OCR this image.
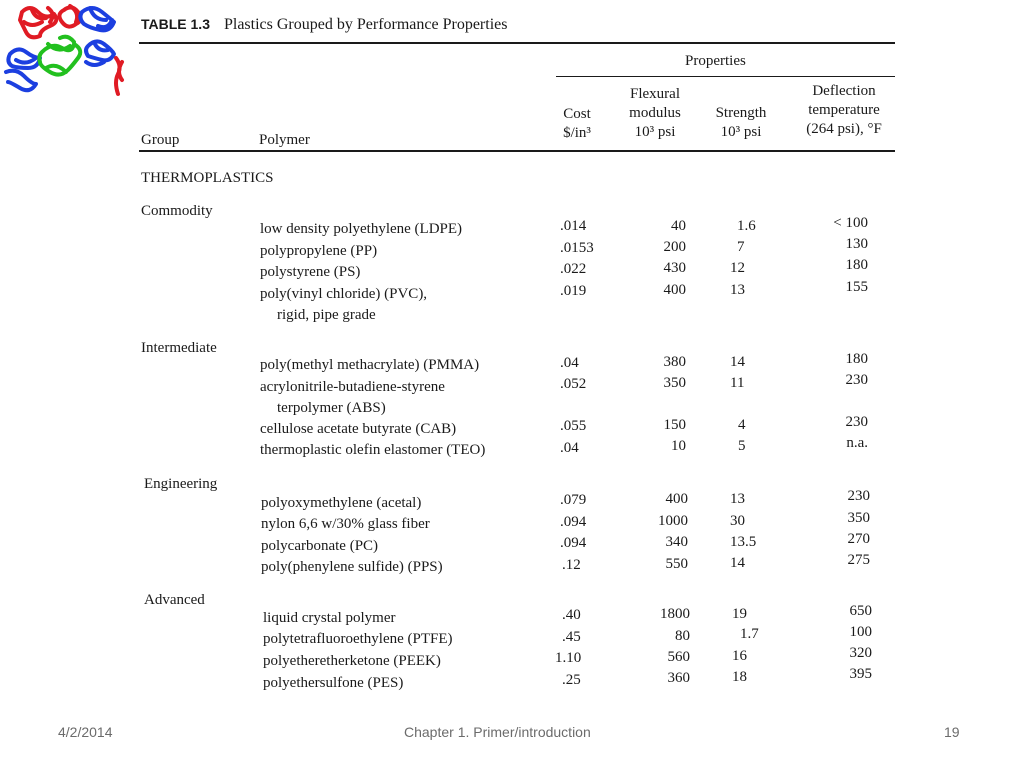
TABLE 1.3 Plastics Grouped by Performance Properties
Properties
Group	Polymer
Cost
$/in³
Flexural
modulus
10³ psi
Strength
10³ psi
Deflection
temperature
(264 psi), °F
THERMOPLASTICS
Commodity
low density polyethylene (LDPE)	.014	40	1.6	< 100
polypropylene (PP)	.0153	200	7	130
polystyrene (PS)	.022	430	12	180
poly(vinyl chloride) (PVC),
rigid, pipe grade
.019	400	13	155
Intermediate
poly(methyl methacrylate) (PMMA)	.04	380	14	180
acrylonitrile-butadiene-styrene
terpolymer (ABS)
.052	350	11	230
cellulose acetate butyrate (CAB)	.055	150	4	230
thermoplastic olefin elastomer (TEO)	.04	10	5	n.a.
Engineering
polyoxymethylene (acetal)	.079	400	13	230
nylon 6,6 w/30% glass fiber	.094	1000	30	350
polycarbonate (PC)	.094	340	13.5	270
poly(phenylene sulfide) (PPS)	.12	550	14	275
Advanced
liquid crystal polymer	.40	1800	19	650
polytetrafluoroethylene (PTFE)	.45	80	1.7	100
polyetheretherketone (PEEK)	1.10	560	16	320
polyethersulfone (PES)	.25	360	18	395
4/2/2014	Chapter 1. Primer/introduction	19
